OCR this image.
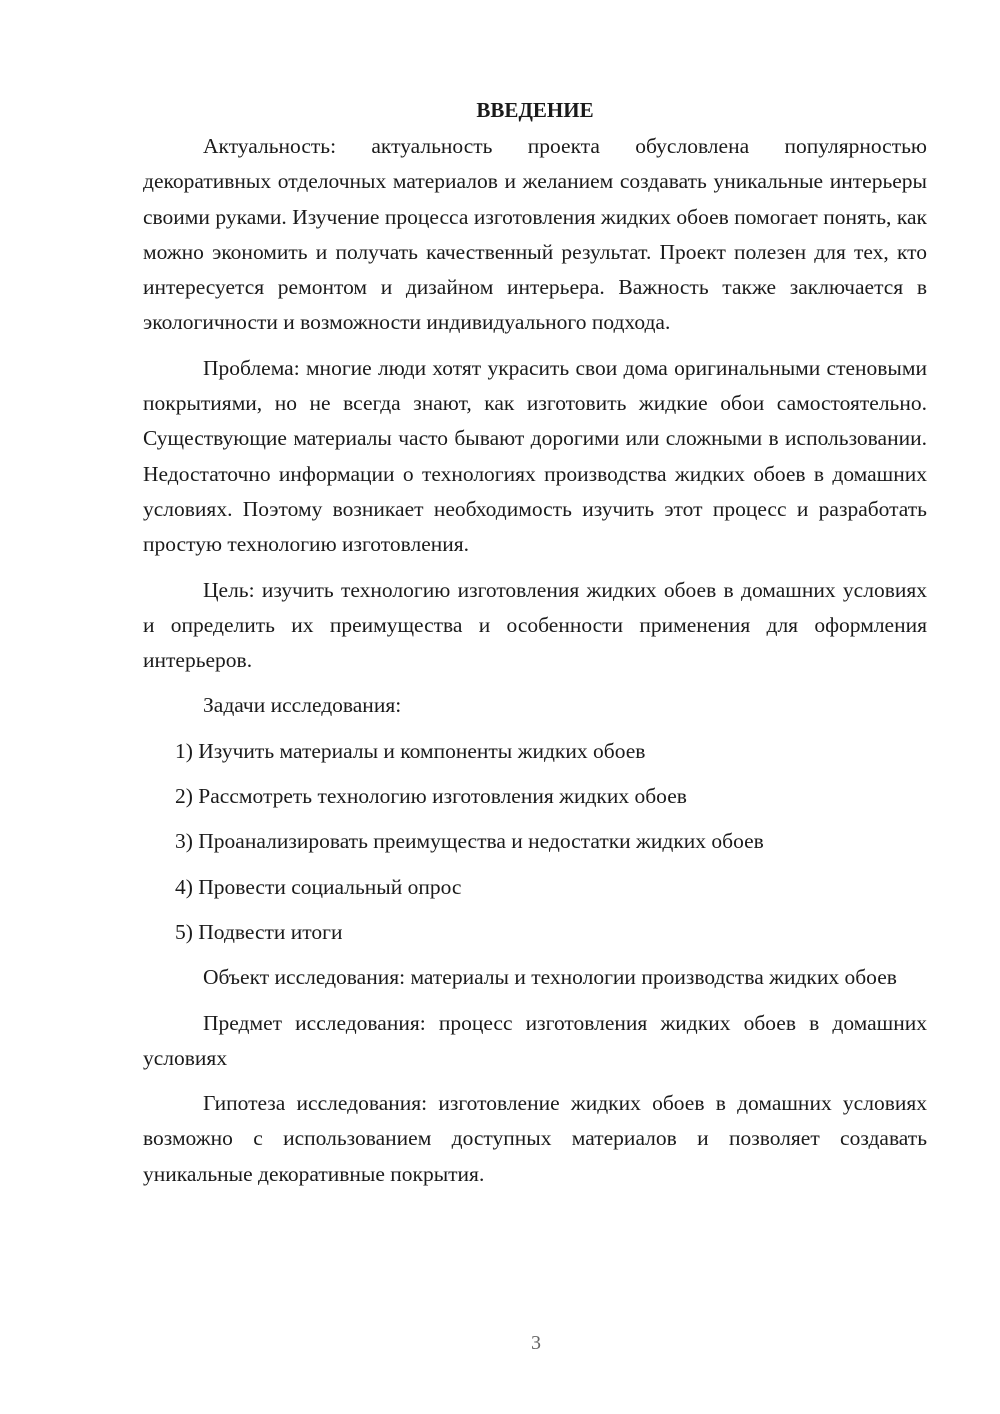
ВВЕДЕНИЕ

Актуальность: актуальность проекта обусловлена популярностью декоративных отделочных материалов и желанием создавать уникальные интерьеры своими руками. Изучение процесса изготовления жидких обоев помогает понять, как можно экономить и получать качественный результат. Проект полезен для тех, кто интересуется ремонтом и дизайном интерьера. Важность также заключается в экологичности и возможности индивидуального подхода.

Проблема: многие люди хотят украсить свои дома оригинальными стеновыми покрытиями, но не всегда знают, как изготовить жидкие обои самостоятельно. Существующие материалы часто бывают дорогими или сложными в использовании. Недостаточно информации о технологиях производства жидких обоев в домашних условиях. Поэтому возникает необходимость изучить этот процесс и разработать простую технологию изготовления.

Цель: изучить технологию изготовления жидких обоев в домашних условиях и определить их преимущества и особенности применения для оформления интерьеров.

Задачи исследования:
1) Изучить материалы и компоненты жидких обоев
2) Рассмотреть технологию изготовления жидких обоев
3) Проанализировать преимущества и недостатки жидких обоев
4) Провести социальный опрос
5) Подвести итоги

Объект исследования: материалы и технологии производства жидких обоев

Предмет исследования: процесс изготовления жидких обоев в домашних условиях

Гипотеза исследования: изготовление жидких обоев в домашних условиях возможно с использованием доступных материалов и позволяет создавать уникальные декоративные покрытия.

3
